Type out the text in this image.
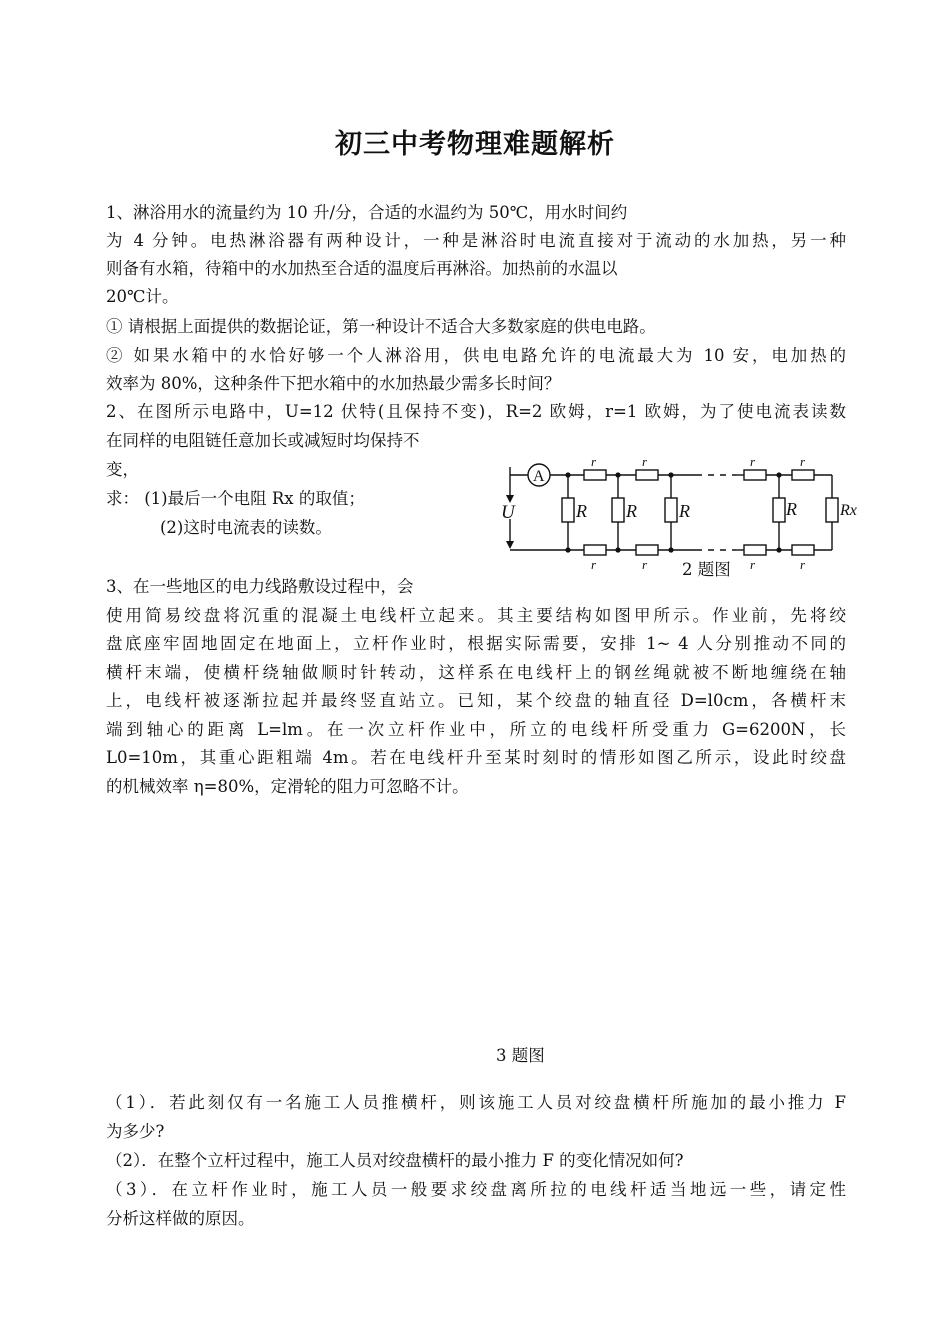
初三中考物理难题解析
1、淋浴用水的流量约为 10 升/分，合适的水温约为 50℃，用水时间约
为 4 分钟。电热淋浴器有两种设计，一种是淋浴时电流直接对于流动的水加热，另一种
则备有水箱，待箱中的水加热至合适的温度后再淋浴。加热前的水温以
20℃计。
① 请根据上面提供的数据论证，第一种设计不适合大多数家庭的供电电路。
② 如果水箱中的水恰好够一个人淋浴用，供电电路允许的电流最大为 10 安，电加热的
效率为 80%，这种条件下把水箱中的水加热最少需多长时间？
2、在图所示电路中，U=12 伏特(且保持不变)，R=2 欧姆，r=1 欧姆，为了使电流表读数
在同样的电阻链任意加长或减短时均保持不
变，
求： (1)最后一个电阻 Rx 的取值；
(2)这时电流表的读数。
U
A
r	r	r	r
r	r	r	r
R R R	R	Rx
2 题图
3、在一些地区的电力线路敷设过程中，会
使用简易绞盘将沉重的混凝土电线杆立起来。其主要结构如图甲所示。作业前，先将绞
盘底座牢固地固定在地面上，立杆作业时，根据实际需要，安排 1~ 4 人分别推动不同的
横杆末端，使横杆绕轴做顺时针转动，这样系在电线杆上的钢丝绳就被不断地缠绕在轴
上，电线杆被逐渐拉起并最终竖直站立。已知，某个绞盘的轴直径 D=l0cm，各横杆末
端到轴心的距离 L=lm。在一次立杆作业中，所立的电线杆所受重力 G=6200N，长
L0=10m，其重心距粗端 4m。若在电线杆升至某时刻时的情形如图乙所示，设此时绞盘
的机械效率 η=80%，定滑轮的阻力可忽略不计。
3 题图
（1）．若此刻仅有一名施工人员推横杆，则该施工人员对绞盘横杆所施加的最小推力 F
为多少?
（2）．在整个立杆过程中，施工人员对绞盘横杆的最小推力 F 的变化情况如何?
（3）．在立杆作业时，施工人员一般要求绞盘离所拉的电线杆适当地远一些，请定性
分析这样做的原因。
